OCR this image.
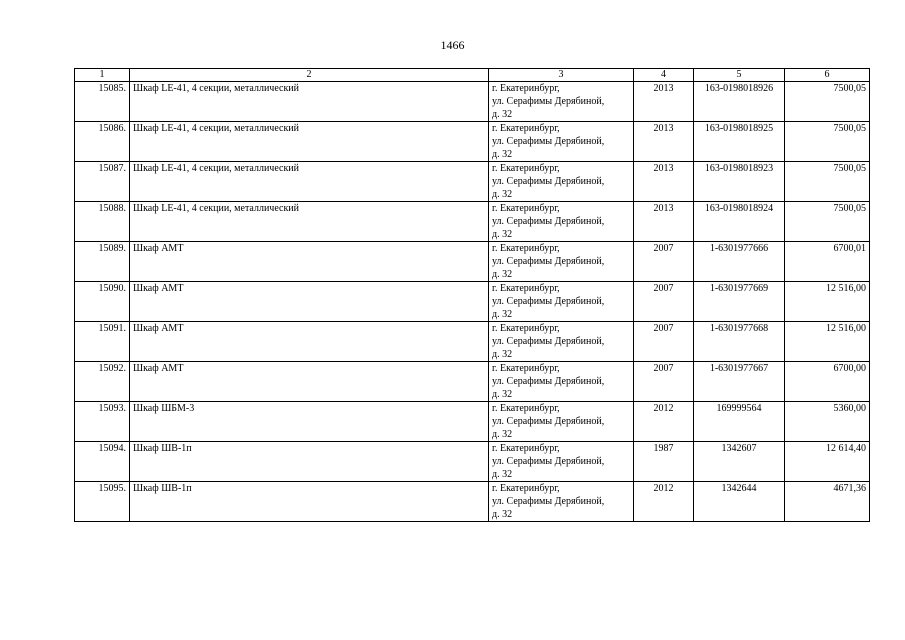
1466
1	2	3	4	5	6
15085.	Шкаф LE-41, 4 секции, металлический	г. Екатеринбург,
ул. Серафимы Дерябиной,
д. 32	2013	163-0198018926	7500,05
15086.	Шкаф LE-41, 4 секции, металлический	г. Екатеринбург,
ул. Серафимы Дерябиной,
д. 32	2013	163-0198018925	7500,05
15087.	Шкаф LE-41, 4 секции, металлический	г. Екатеринбург,
ул. Серафимы Дерябиной,
д. 32	2013	163-0198018923	7500,05
15088.	Шкаф LE-41, 4 секции, металлический	г. Екатеринбург,
ул. Серафимы Дерябиной,
д. 32	2013	163-0198018924	7500,05
15089.	Шкаф АМТ	г. Екатеринбург,
ул. Серафимы Дерябиной,
д. 32	2007	1-6301977666	6700,01
15090.	Шкаф АМТ	г. Екатеринбург,
ул. Серафимы Дерябиной,
д. 32	2007	1-6301977669	12 516,00
15091.	Шкаф АМТ	г. Екатеринбург,
ул. Серафимы Дерябиной,
д. 32	2007	1-6301977668	12 516,00
15092.	Шкаф АМТ	г. Екатеринбург,
ул. Серафимы Дерябиной,
д. 32	2007	1-6301977667	6700,00
15093.	Шкаф ШБМ-3	г. Екатеринбург,
ул. Серафимы Дерябиной,
д. 32	2012	169999564	5360,00
15094.	Шкаф ШВ-1п	г. Екатеринбург,
ул. Серафимы Дерябиной,
д. 32	1987	1342607	12 614,40
15095.	Шкаф ШВ-1п	г. Екатеринбург,
ул. Серафимы Дерябиной,
д. 32	2012	1342644	4671,36
